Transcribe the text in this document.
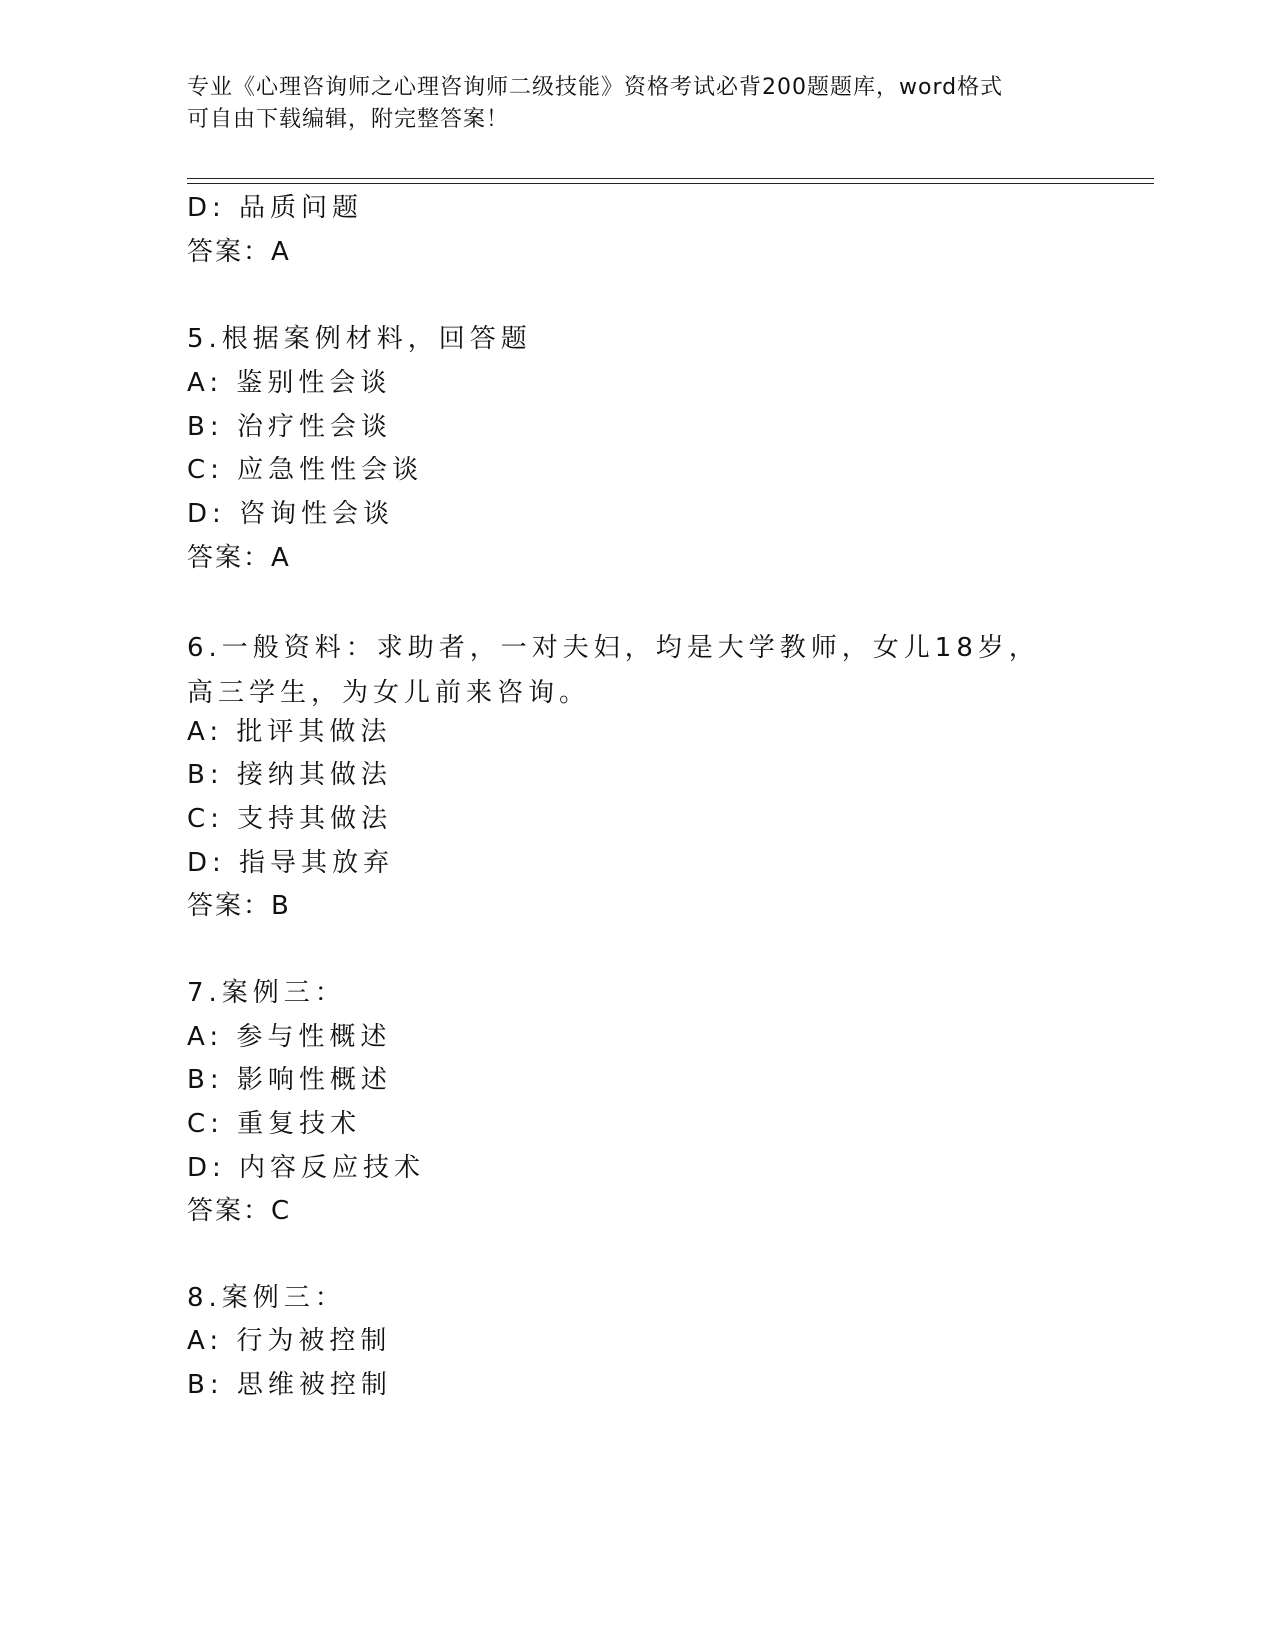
专业《心理咨询师之心理咨询师二级技能》资格考试必背200题题库，word格式
可自由下载编辑，附完整答案！
D: 品质问题
答案：A
5.根据案例材料，回答题
A: 鉴别性会谈
B: 治疗性会谈
C: 应急性性会谈
D: 咨询性会谈
答案：A
6.一般资料：求助者，一对夫妇，均是大学教师，女儿18岁，高三学生，为女儿前来咨询。
A: 批评其做法
B: 接纳其做法
C: 支持其做法
D: 指导其放弃
答案：B
7.案例三：
A: 参与性概述
B: 影响性概述
C: 重复技术
D: 内容反应技术
答案：C
8.案例三：
A: 行为被控制
B: 思维被控制
